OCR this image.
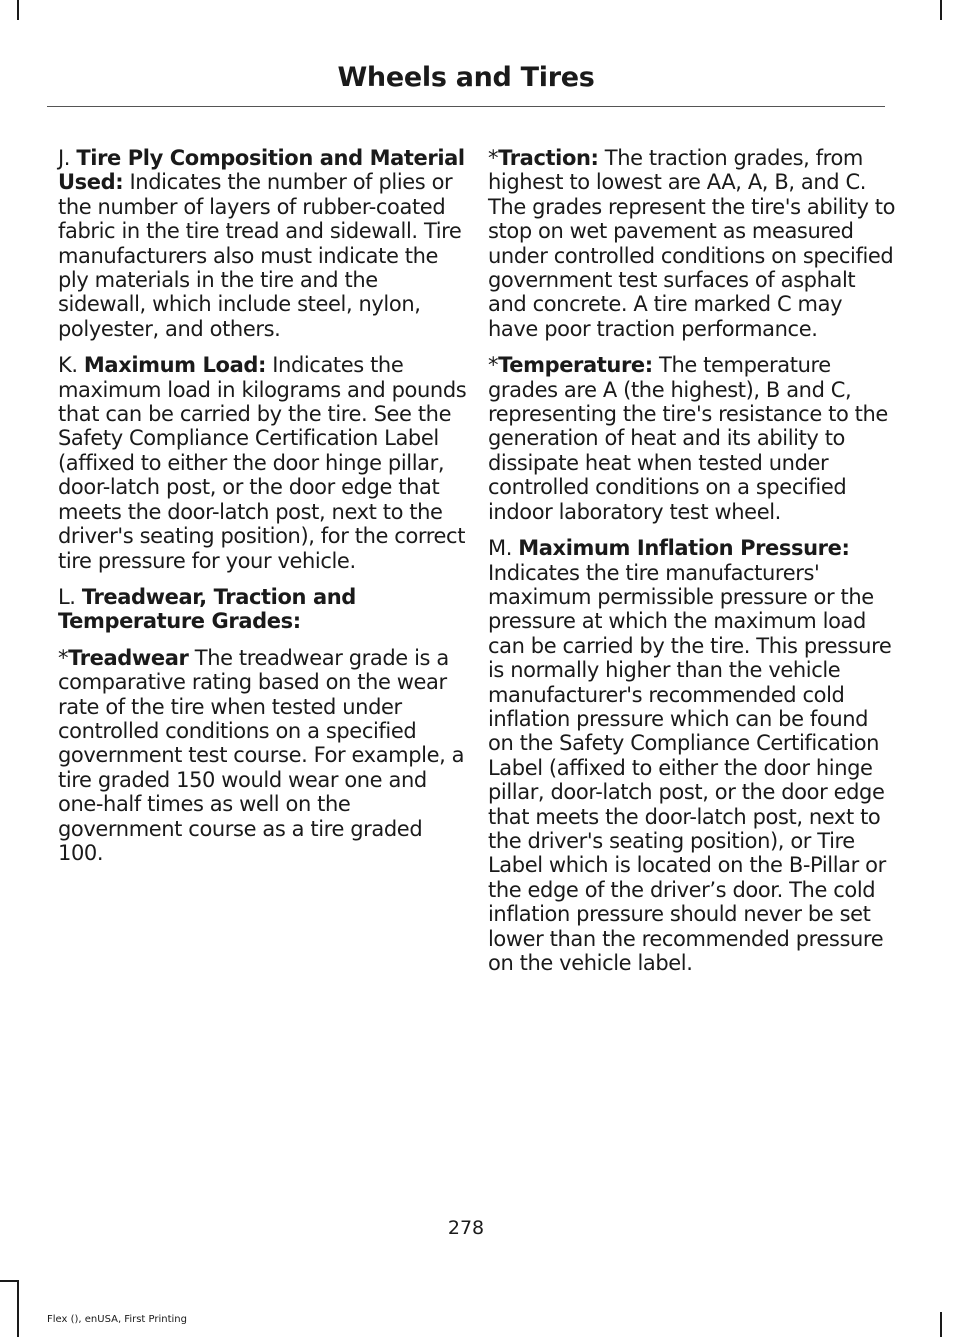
Wheels and Tires

J. Tire Ply Composition and Material Used: Indicates the number of plies or the number of layers of rubber-coated fabric in the tire tread and sidewall. Tire manufacturers also must indicate the ply materials in the tire and the sidewall, which include steel, nylon, polyester, and others.

K. Maximum Load: Indicates the maximum load in kilograms and pounds that can be carried by the tire. See the Safety Compliance Certification Label (affixed to either the door hinge pillar, door-latch post, or the door edge that meets the door-latch post, next to the driver's seating position), for the correct tire pressure for your vehicle.

L. Treadwear, Traction and Temperature Grades:

*Treadwear The treadwear grade is a comparative rating based on the wear rate of the tire when tested under controlled conditions on a specified government test course. For example, a tire graded 150 would wear one and one-half times as well on the government course as a tire graded 100.

*Traction: The traction grades, from highest to lowest are AA, A, B, and C. The grades represent the tire's ability to stop on wet pavement as measured under controlled conditions on specified government test surfaces of asphalt and concrete. A tire marked C may have poor traction performance.

*Temperature: The temperature grades are A (the highest), B and C, representing the tire's resistance to the generation of heat and its ability to dissipate heat when tested under controlled conditions on a specified indoor laboratory test wheel.

M. Maximum Inflation Pressure: Indicates the tire manufacturers' maximum permissible pressure or the pressure at which the maximum load can be carried by the tire. This pressure is normally higher than the vehicle manufacturer's recommended cold inflation pressure which can be found on the Safety Compliance Certification Label (affixed to either the door hinge pillar, door-latch post, or the door edge that meets the door-latch post, next to the driver's seating position), or Tire Label which is located on the B-Pillar or the edge of the driver’s door. The cold inflation pressure should never be set lower than the recommended pressure on the vehicle label.

278
Flex (), enUSA, First Printing
